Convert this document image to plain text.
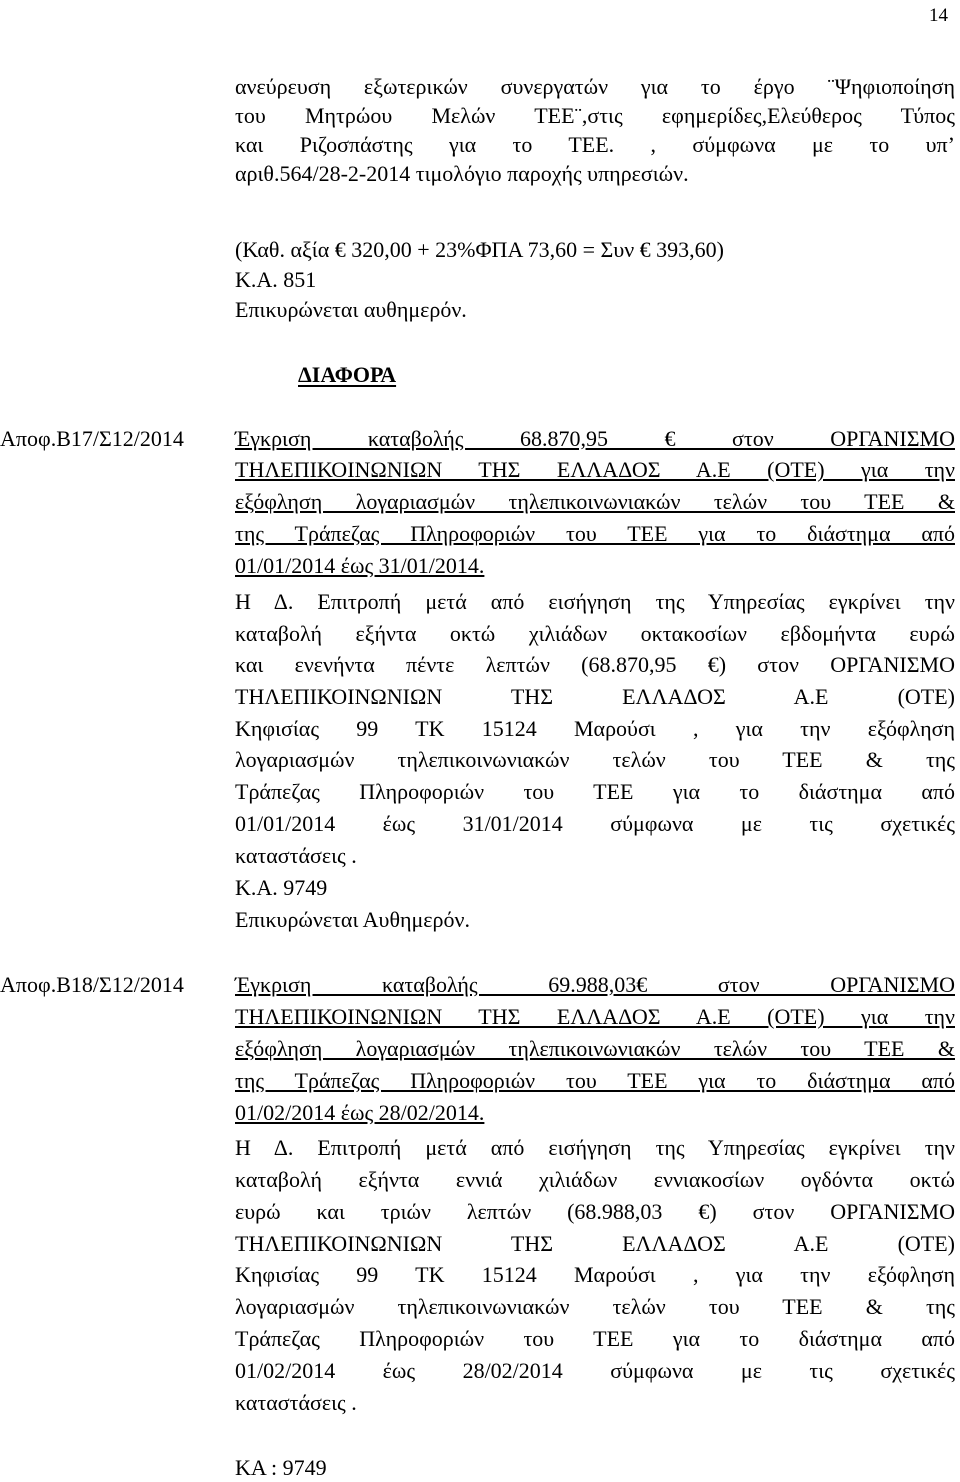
14
ανεύρευση εξωτερικών συνεργατών για το έργο ¨Ψηφιοποίηση
του Μητρώου Μελών ΤΕΕ¨,στις εφημερίδες,Ελεύθερος Τύπος
και Ριζοσπάστης για το ΤΕΕ. , σύμφωνα με το υπ’
αριθ.564/28-2-2014 τιμολόγιο παροχής υπηρεσιών.
(Καθ. αξία € 320,00 + 23%ΦΠΑ 73,60 = Συν € 393,60)
Κ.Α. 851
Επικυρώνεται αυθημερόν.
ΔΙΑΦΟΡΑ
Αποφ.Β17/Σ12/2014 Έγκριση καταβολής 68.870,95 € στον ΟΡΓΑΝΙΣΜΟ
ΤΗΛΕΠΙΚΟΙΝΩΝΙΩΝ ΤΗΣ ΕΛΛΑΔΟΣ Α.Ε (ΟΤΕ) για την
εξόφληση λογαριασμών τηλεπικοινωνιακών τελών του ΤΕΕ &
της Τράπεζας Πληροφοριών του ΤΕΕ για το διάστημα από
01/01/2014 έως 31/01/2014.
Η Δ. Επιτροπή μετά από εισήγηση της Υπηρεσίας εγκρίνει την
καταβολή εξήντα οκτώ χιλιάδων οκτακοσίων εβδομήντα ευρώ
και ενενήντα πέντε λεπτών (68.870,95 €) στον ΟΡΓΑΝΙΣΜΟ
ΤΗΛΕΠΙΚΟΙΝΩΝΙΩΝ ΤΗΣ ΕΛΛΑΔΟΣ Α.Ε (ΟΤΕ)
Κηφισίας 99 ΤΚ 15124 Μαρούσι , για την εξόφληση
λογαριασμών τηλεπικοινωνιακών τελών του ΤΕΕ & της
Τράπεζας Πληροφοριών του ΤΕΕ για το διάστημα από
01/01/2014 έως 31/01/2014 σύμφωνα με τις σχετικές
καταστάσεις .
Κ.Α. 9749
Επικυρώνεται Αυθημερόν.
Αποφ.Β18/Σ12/2014 Έγκριση καταβολής 69.988,03€ στον ΟΡΓΑΝΙΣΜΟ
ΤΗΛΕΠΙΚΟΙΝΩΝΙΩΝ ΤΗΣ ΕΛΛΑΔΟΣ Α.Ε (ΟΤΕ) για την
εξόφληση λογαριασμών τηλεπικοινωνιακών τελών του ΤΕΕ &
της Τράπεζας Πληροφοριών του ΤΕΕ για το διάστημα από
01/02/2014 έως 28/02/2014.
Η Δ. Επιτροπή μετά από εισήγηση της Υπηρεσίας εγκρίνει την
καταβολή εξήντα εννιά χιλιάδων εννιακοσίων ογδόντα οκτώ
ευρώ και τριών λεπτών (68.988,03 €) στον ΟΡΓΑΝΙΣΜΟ
ΤΗΛΕΠΙΚΟΙΝΩΝΙΩΝ ΤΗΣ ΕΛΛΑΔΟΣ Α.Ε (ΟΤΕ)
Κηφισίας 99 ΤΚ 15124 Μαρούσι , για την εξόφληση
λογαριασμών τηλεπικοινωνιακών τελών του ΤΕΕ & της
Τράπεζας Πληροφοριών του ΤΕΕ για το διάστημα από
01/02/2014 έως 28/02/2014 σύμφωνα με τις σχετικές
καταστάσεις .
ΚΑ : 9749
